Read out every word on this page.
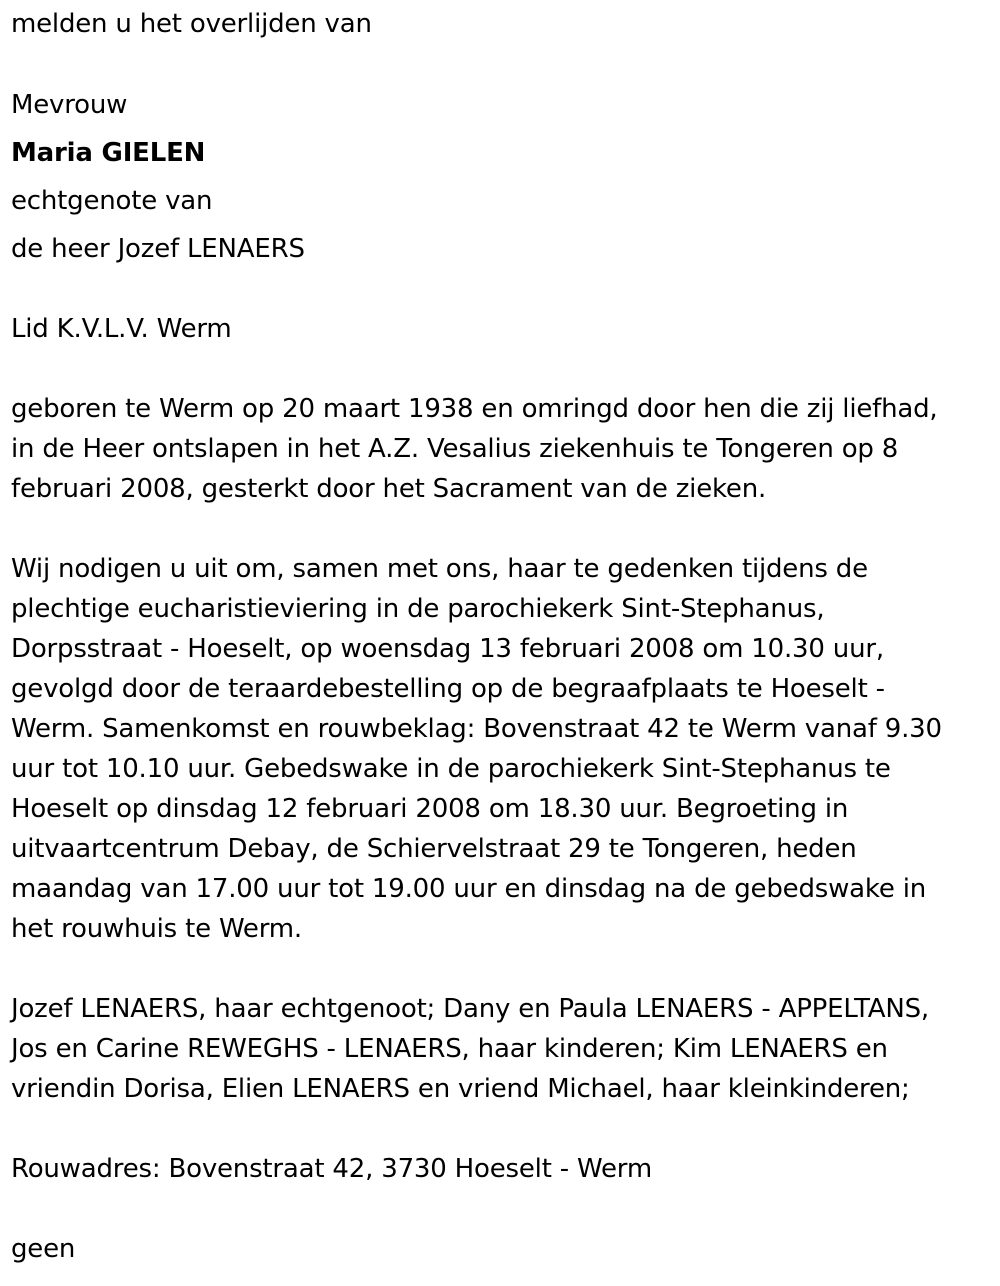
melden u het overlijden van
Mevrouw
Maria GIELEN
echtgenote van
de heer Jozef LENAERS
Lid K.V.L.V. Werm
geboren te Werm op 20 maart 1938 en omringd door hen die zij liefhad,
in de Heer ontslapen in het A.Z. Vesalius ziekenhuis te Tongeren op 8
februari 2008, gesterkt door het Sacrament van de zieken.
Wij nodigen u uit om, samen met ons, haar te gedenken tijdens de
plechtige eucharistieviering in de parochiekerk Sint-Stephanus,
Dorpsstraat - Hoeselt, op woensdag 13 februari 2008 om 10.30 uur,
gevolgd door de teraardebestelling op de begraafplaats te Hoeselt -
Werm. Samenkomst en rouwbeklag: Bovenstraat 42 te Werm vanaf 9.30
uur tot 10.10 uur. Gebedswake in de parochiekerk Sint-Stephanus te
Hoeselt op dinsdag 12 februari 2008 om 18.30 uur. Begroeting in
uitvaartcentrum Debay, de Schiervelstraat 29 te Tongeren, heden
maandag van 17.00 uur tot 19.00 uur en dinsdag na de gebedswake in
het rouwhuis te Werm.
Jozef LENAERS, haar echtgenoot; Dany en Paula LENAERS - APPELTANS,
Jos en Carine REWEGHS - LENAERS, haar kinderen; Kim LENAERS en
vriendin Dorisa, Elien LENAERS en vriend Michael, haar kleinkinderen;
Rouwadres: Bovenstraat 42, 3730 Hoeselt - Werm
geen
